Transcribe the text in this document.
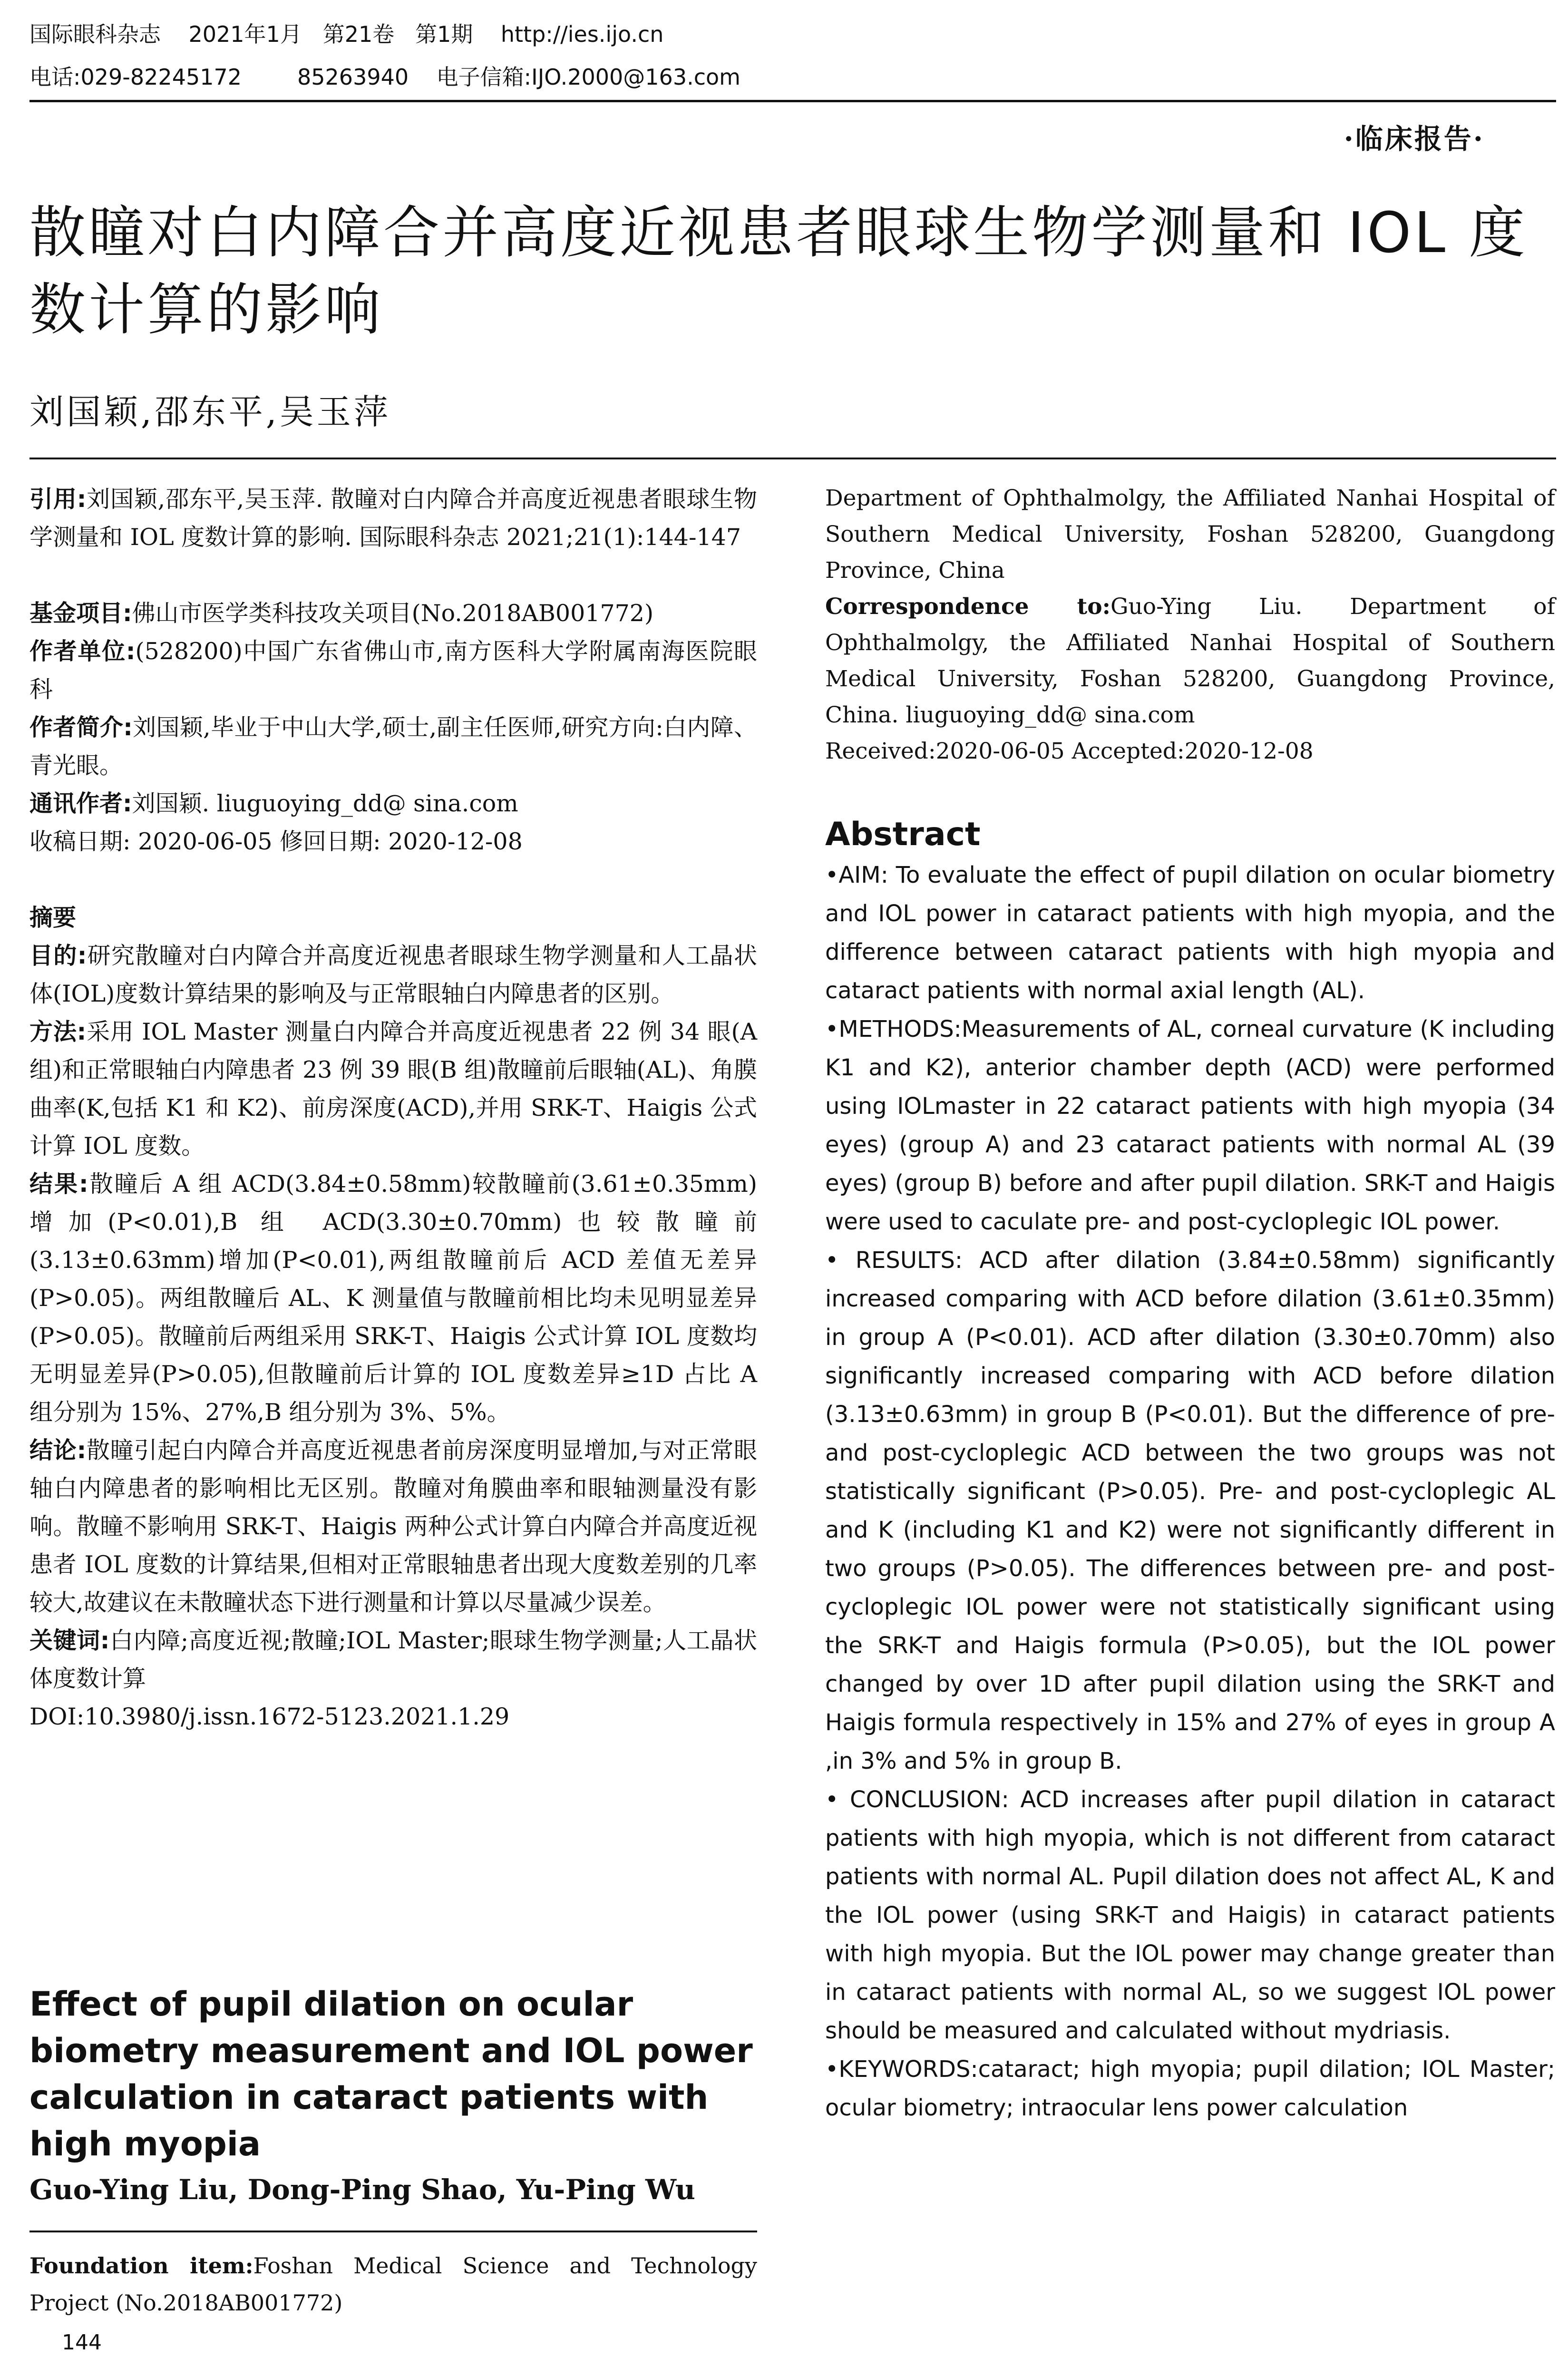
国际眼科杂志    2021年1月   第21卷   第1期    http://ies.ijo.cn
电话:029-82245172        85263940    电子信箱:IJO.2000@163.com
·临床报告·
散瞳对白内障合并高度近视患者眼球生物学测量和 IOL 度数计算的影响
刘国颖,邵东平,吴玉萍

引用:刘国颖,邵东平,吴玉萍. 散瞳对白内障合并高度近视患者眼球生物学测量和 IOL 度数计算的影响. 国际眼科杂志 2021;21(1):144-147

基金项目:佛山市医学类科技攻关项目(No.2018AB001772)

作者单位:(528200)中国广东省佛山市,南方医科大学附属南海医院眼科

作者简介:刘国颖,毕业于中山大学,硕士,副主任医师,研究方向:白内障、青光眼。

通讯作者:刘国颖. liuguoying_dd@ sina.com

收稿日期: 2020-06-05 修回日期: 2020-12-08

摘要

目的:研究散瞳对白内障合并高度近视患者眼球生物学测量和人工晶状体(IOL)度数计算结果的影响及与正常眼轴白内障患者的区别。

方法:采用 IOL Master 测量白内障合并高度近视患者 22 例 34 眼(A 组)和正常眼轴白内障患者 23 例 39 眼(B 组)散瞳前后眼轴(AL)、角膜曲率(K,包括 K1 和 K2)、前房深度(ACD),并用 SRK-T、Haigis 公式计算 IOL 度数。

结果:散瞳后 A 组 ACD(3.84±0.58mm)较散瞳前(3.61±0.35mm)增加(P<0.01),B 组 ACD(3.30±0.70mm)也较散瞳前(3.13±0.63mm)增加(P<0.01),两组散瞳前后 ACD 差值无差异(P>0.05)。两组散瞳后 AL、K 测量值与散瞳前相比均未见明显差异(P>0.05)。散瞳前后两组采用 SRK-T、Haigis 公式计算 IOL 度数均无明显差异(P>0.05),但散瞳前后计算的 IOL 度数差异≥1D 占比 A 组分别为 15%、27%,B 组分别为 3%、5%。

结论:散瞳引起白内障合并高度近视患者前房深度明显增加,与对正常眼轴白内障患者的影响相比无区别。散瞳对角膜曲率和眼轴测量没有影响。散瞳不影响用 SRK-T、Haigis 两种公式计算白内障合并高度近视患者 IOL 度数的计算结果,但相对正常眼轴患者出现大度数差别的几率较大,故建议在未散瞳状态下进行测量和计算以尽量减少误差。

关键词:白内障;高度近视;散瞳;IOL Master;眼球生物学测量;人工晶状体度数计算

DOI:10.3980/j.issn.1672-5123.2021.1.29

Effect of pupil dilation on ocular biometry measurement and IOL power calculation in cataract patients with high myopia
Guo-Ying Liu, Dong-Ping Shao, Yu-Ping Wu

Foundation item:Foshan Medical Science and Technology Project (No.2018AB001772)

Department of Ophthalmolgy, the Affiliated Nanhai Hospital of Southern Medical University, Foshan 528200, Guangdong Province, China

Correspondence to:Guo-Ying Liu. Department of Ophthalmolgy, the Affiliated Nanhai Hospital of Southern Medical University, Foshan 528200, Guangdong Province, China. liuguoying_dd@ sina.com

Received:2020-06-05 Accepted:2020-12-08

Abstract

•AIM: To evaluate the effect of pupil dilation on ocular biometry and IOL power in cataract patients with high myopia, and the difference between cataract patients with high myopia and cataract patients with normal axial length (AL).

•METHODS:Measurements of AL, corneal curvature (K including K1 and K2), anterior chamber depth (ACD) were performed using IOLmaster in 22 cataract patients with high myopia (34 eyes) (group A) and 23 cataract patients with normal AL (39 eyes) (group B) before and after pupil dilation. SRK-T and Haigis were used to caculate pre- and post-cycloplegic IOL power.

• RESULTS: ACD after dilation (3.84±0.58mm) significantly increased comparing with ACD before dilation (3.61±0.35mm) in group A (P<0.01). ACD after dilation (3.30±0.70mm) also significantly increased comparing with ACD before dilation (3.13±0.63mm) in group B (P<0.01). But the difference of pre- and post-cycloplegic ACD between the two groups was not statistically significant (P>0.05). Pre- and post-cycloplegic AL and K (including K1 and K2) were not significantly different in two groups (P>0.05). The differences between pre- and post-cycloplegic IOL power were not statistically significant using the SRK-T and Haigis formula (P>0.05), but the IOL power changed by over 1D after pupil dilation using the SRK-T and Haigis formula respectively in 15% and 27% of eyes in group A ,in 3% and 5% in group B.

• CONCLUSION: ACD increases after pupil dilation in cataract patients with high myopia, which is not different from cataract patients with normal AL. Pupil dilation does not affect AL, K and the IOL power (using SRK-T and Haigis) in cataract patients with high myopia. But the IOL power may change greater than in cataract patients with normal AL, so we suggest IOL power should be measured and calculated without mydriasis.

•KEYWORDS:cataract; high myopia; pupil dilation; IOL Master; ocular biometry; intraocular lens power calculation

144
